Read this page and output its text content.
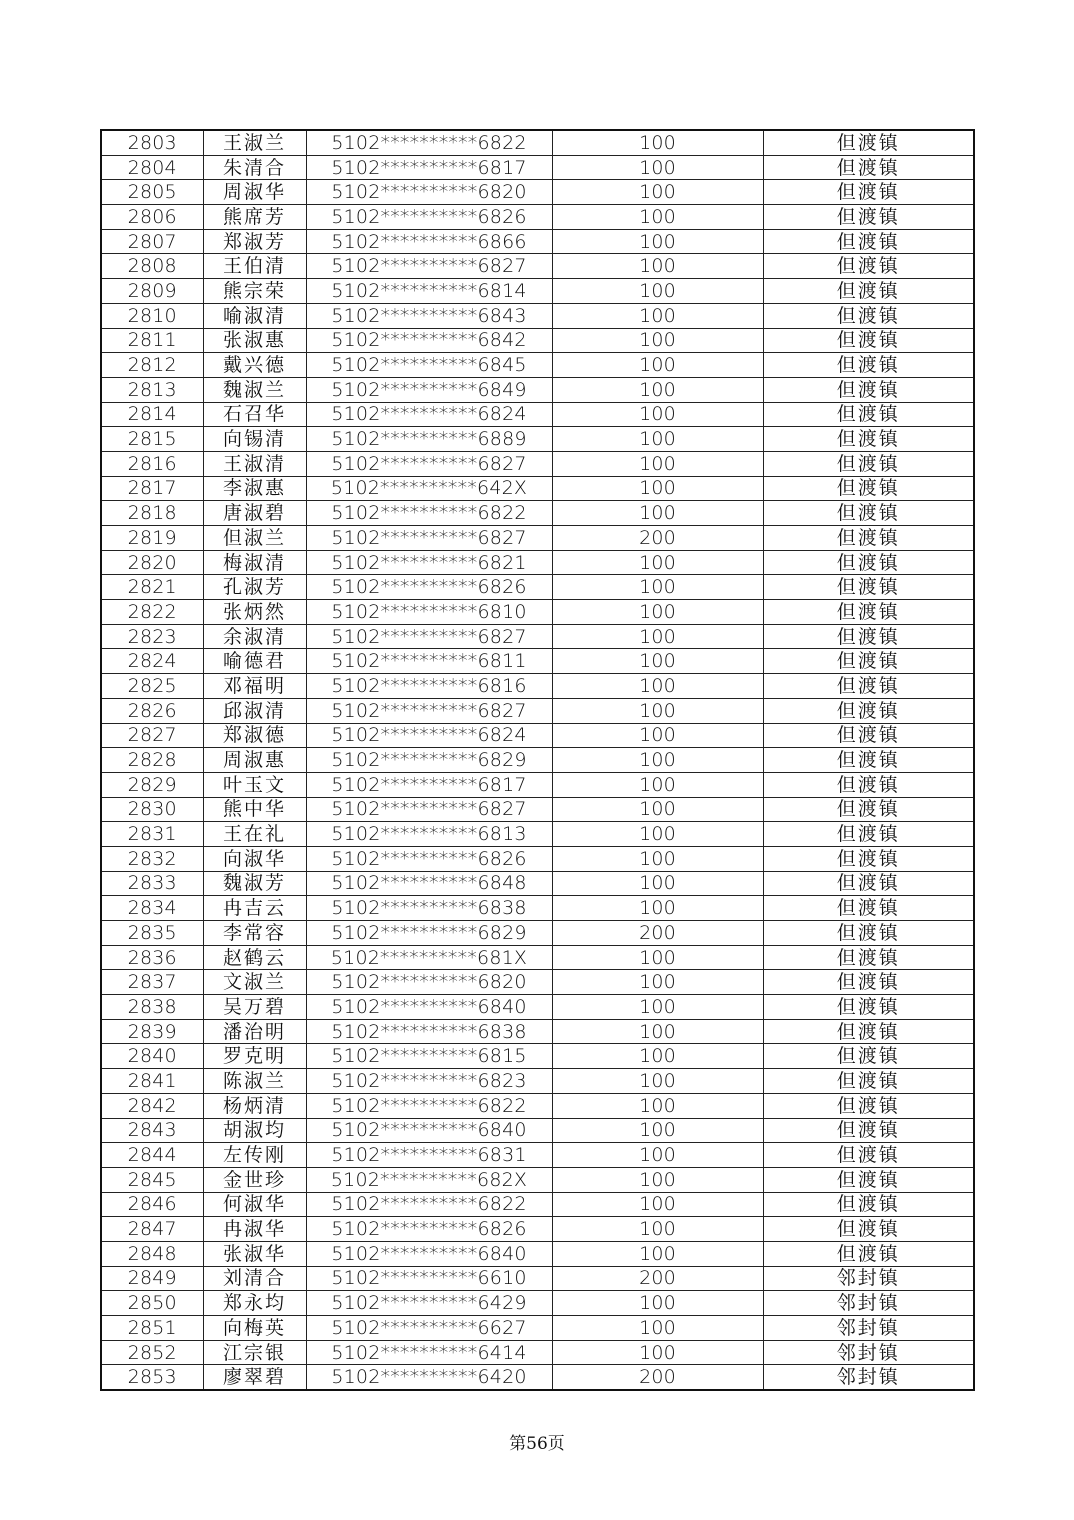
2803	王淑兰	5102**********6822	100	但渡镇
2804	朱清合	5102**********6817	100	但渡镇
2805	周淑华	5102**********6820	100	但渡镇
2806	熊席芳	5102**********6826	100	但渡镇
2807	郑淑芳	5102**********6866	100	但渡镇
2808	王伯清	5102**********6827	100	但渡镇
2809	熊宗荣	5102**********6814	100	但渡镇
2810	喻淑清	5102**********6843	100	但渡镇
2811	张淑惠	5102**********6842	100	但渡镇
2812	戴兴德	5102**********6845	100	但渡镇
2813	魏淑兰	5102**********6849	100	但渡镇
2814	石召华	5102**********6824	100	但渡镇
2815	向锡清	5102**********6889	100	但渡镇
2816	王淑清	5102**********6827	100	但渡镇
2817	李淑惠	5102**********642X	100	但渡镇
2818	唐淑碧	5102**********6822	100	但渡镇
2819	但淑兰	5102**********6827	200	但渡镇
2820	梅淑清	5102**********6821	100	但渡镇
2821	孔淑芳	5102**********6826	100	但渡镇
2822	张炳然	5102**********6810	100	但渡镇
2823	余淑清	5102**********6827	100	但渡镇
2824	喻德君	5102**********6811	100	但渡镇
2825	邓福明	5102**********6816	100	但渡镇
2826	邱淑清	5102**********6827	100	但渡镇
2827	郑淑德	5102**********6824	100	但渡镇
2828	周淑惠	5102**********6829	100	但渡镇
2829	叶玉文	5102**********6817	100	但渡镇
2830	熊中华	5102**********6827	100	但渡镇
2831	王在礼	5102**********6813	100	但渡镇
2832	向淑华	5102**********6826	100	但渡镇
2833	魏淑芳	5102**********6848	100	但渡镇
2834	冉吉云	5102**********6838	100	但渡镇
2835	李常容	5102**********6829	200	但渡镇
2836	赵鹤云	5102**********681X	100	但渡镇
2837	文淑兰	5102**********6820	100	但渡镇
2838	吴万碧	5102**********6840	100	但渡镇
2839	潘治明	5102**********6838	100	但渡镇
2840	罗克明	5102**********6815	100	但渡镇
2841	陈淑兰	5102**********6823	100	但渡镇
2842	杨炳清	5102**********6822	100	但渡镇
2843	胡淑均	5102**********6840	100	但渡镇
2844	左传刚	5102**********6831	100	但渡镇
2845	金世珍	5102**********682X	100	但渡镇
2846	何淑华	5102**********6822	100	但渡镇
2847	冉淑华	5102**********6826	100	但渡镇
2848	张淑华	5102**********6840	100	但渡镇
2849	刘清合	5102**********6610	200	邻封镇
2850	郑永均	5102**********6429	100	邻封镇
2851	向梅英	5102**********6627	100	邻封镇
2852	江宗银	5102**********6414	100	邻封镇
2853	廖翠碧	5102**********6420	200	邻封镇
第56页
